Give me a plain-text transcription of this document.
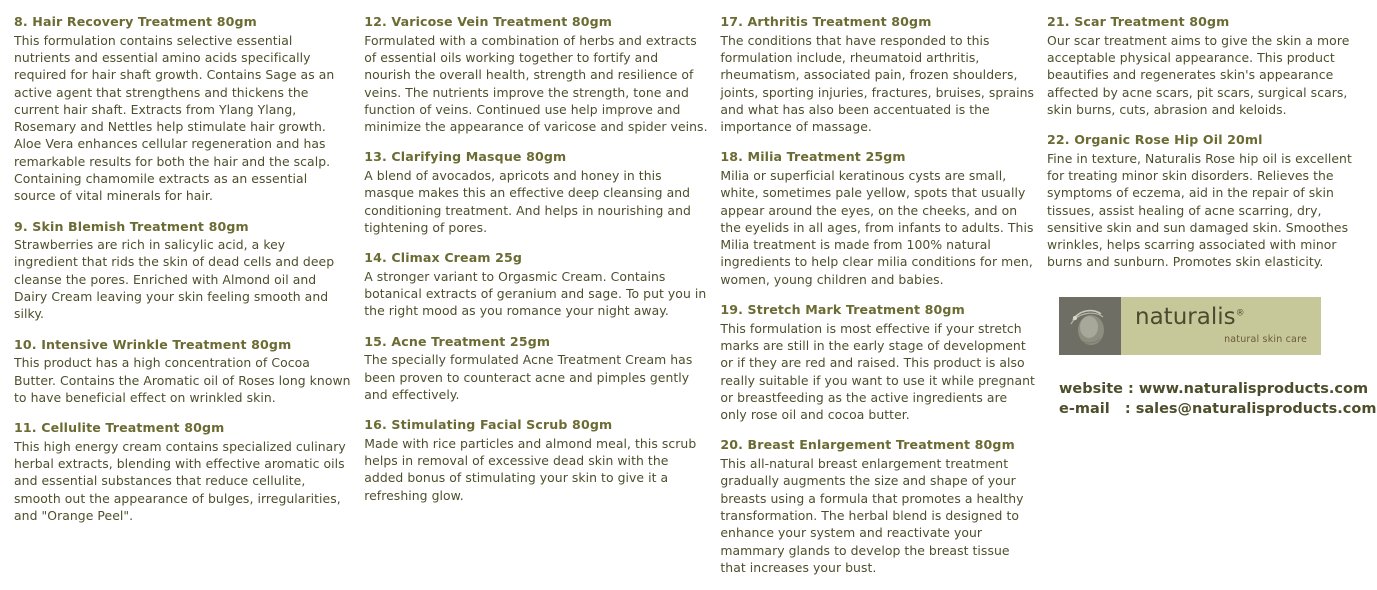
8. Hair Recovery Treatment 80gm
This formulation contains selective essential nutrients and essential amino acids specifically required for hair shaft growth. Contains Sage as an active agent that strengthens and thickens the current hair shaft. Extracts from Ylang Ylang, Rosemary and Nettles help stimulate hair growth. Aloe Vera enhances cellular regeneration and has remarkable results for both the hair and the scalp. Containing chamomile extracts as an essential source of vital minerals for hair.
9. Skin Blemish Treatment 80gm
Strawberries are rich in salicylic acid, a key ingredient that rids the skin of dead cells and deep cleanse the pores. Enriched with Almond oil and Dairy Cream leaving your skin feeling smooth and silky.
10. Intensive Wrinkle Treatment 80gm
This product has a high concentration of Cocoa Butter. Contains the Aromatic oil of Roses long known to have beneficial effect on wrinkled skin.
11. Cellulite Treatment 80gm
This high energy cream contains specialized culinary herbal extracts, blending with effective aromatic oils and essential substances that reduce cellulite, smooth out the appearance of bulges, irregularities, and "Orange Peel".
12. Varicose Vein Treatment 80gm
Formulated with a combination of herbs and extracts of essential oils working together to fortify and nourish the overall health, strength and resilience of veins. The nutrients improve the strength, tone and function of veins. Continued use help improve and minimize the appearance of varicose and spider veins.
13. Clarifying Masque 80gm
A blend of avocados, apricots and honey in this masque makes this an effective deep cleansing and conditioning treatment. And helps in nourishing and tightening of pores.
14. Climax Cream 25g
A stronger variant to Orgasmic Cream. Contains botanical extracts of geranium and sage. To put you in the right mood as you romance your night away.
15. Acne Treatment 25gm
The specially formulated Acne Treatment Cream has been proven to counteract acne and pimples gently and effectively.
16. Stimulating Facial Scrub 80gm
Made with rice particles and almond meal, this scrub helps in removal of excessive dead skin with the added bonus of stimulating your skin to give it a refreshing glow.
17. Arthritis Treatment 80gm
The conditions that have responded to this formulation include, rheumatoid arthritis, rheumatism, associated pain, frozen shoulders, joints, sporting injuries, fractures, bruises, sprains and what has also been accentuated is the importance of massage.
18. Milia Treatment 25gm
Milia or superficial keratinous cysts are small, white, sometimes pale yellow, spots that usually appear around the eyes, on the cheeks, and on the eyelids in all ages, from infants to adults. This Milia treatment is made from 100% natural ingredients to help clear milia conditions for men, women, young children and babies.
19. Stretch Mark Treatment 80gm
This formulation is most effective if your stretch marks are still in the early stage of development or if they are red and raised. This product is also really suitable if you want to use it while pregnant or breastfeeding as the active ingredients are only rose oil and cocoa butter.
20. Breast Enlargement Treatment 80gm
This all-natural breast enlargement treatment gradually augments the size and shape of your breasts using a formula that promotes a healthy transformation. The herbal blend is designed to enhance your system and reactivate your mammary glands to develop the breast tissue that increases your bust.
21. Scar Treatment 80gm
Our scar treatment aims to give the skin a more acceptable physical appearance. This product beautifies and regenerates skin's appearance affected by acne scars, pit scars, surgical scars, skin burns, cuts, abrasion and keloids.
22. Organic Rose Hip Oil 20ml
Fine in texture, Naturalis Rose hip oil is excellent for treating minor skin disorders. Relieves the symptoms of eczema, aid in the repair of skin tissues, assist healing of acne scarring, dry, sensitive skin and sun damaged skin. Smoothes wrinkles, helps scarring associated with minor burns and sunburn. Promotes skin elasticity.
naturalis®
natural skin care
website : www.naturalisproducts.com
e-mail   : sales@naturalisproducts.com
